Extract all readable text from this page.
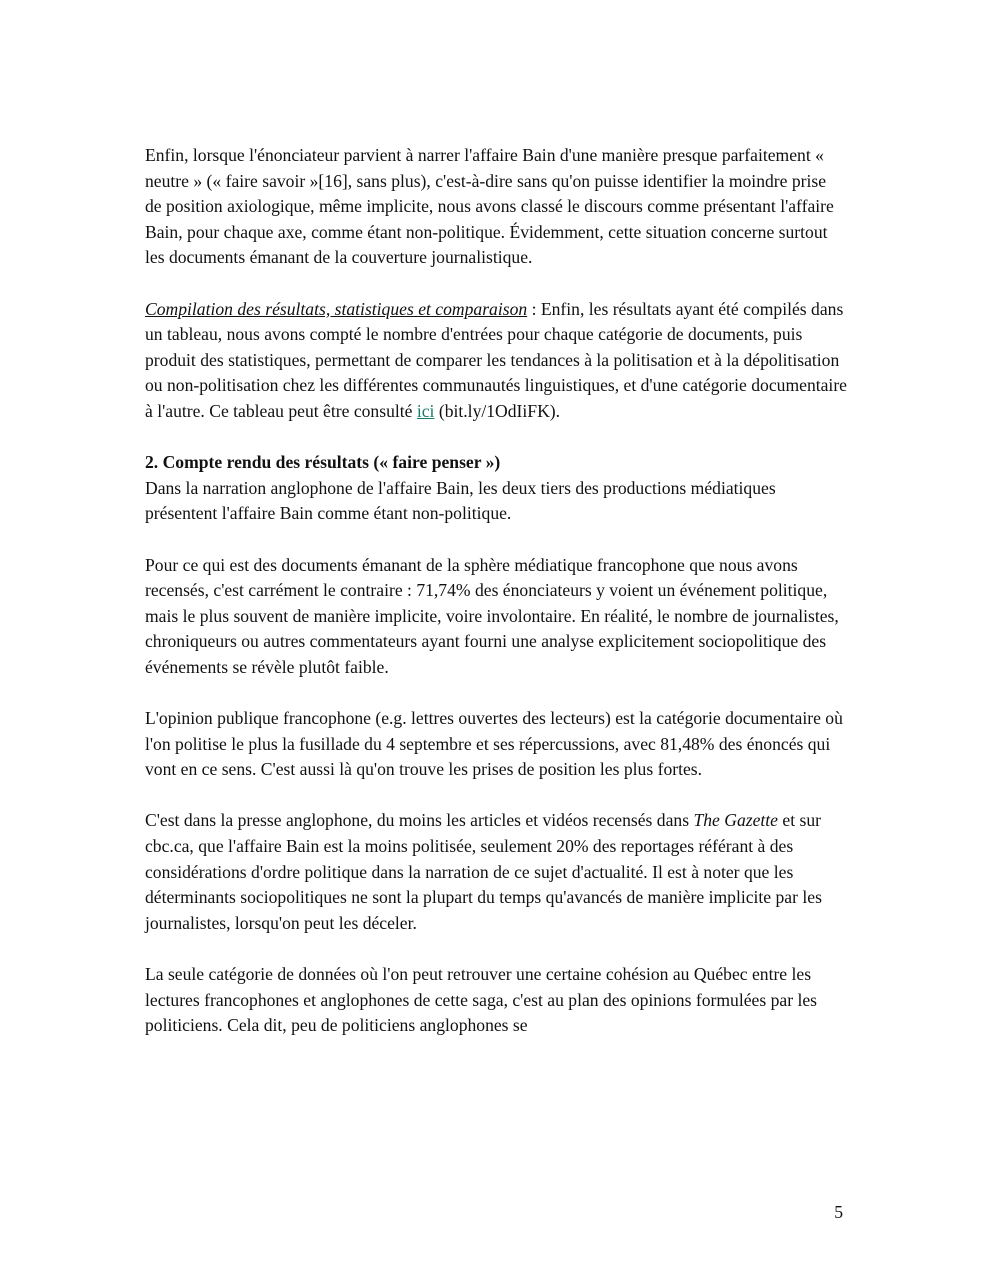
Enfin, lorsque l'énonciateur parvient à narrer l'affaire Bain d'une manière presque parfaitement « neutre » (« faire savoir »[16], sans plus), c'est-à-dire sans qu'on puisse identifier la moindre prise de position axiologique, même implicite, nous avons classé le discours comme présentant l'affaire Bain, pour chaque axe, comme étant non-politique. Évidemment, cette situation concerne surtout les documents émanant de la couverture journalistique.

Compilation des résultats, statistiques et comparaison : Enfin, les résultats ayant été compilés dans un tableau, nous avons compté le nombre d'entrées pour chaque catégorie de documents, puis produit des statistiques, permettant de comparer les tendances à la politisation et à la dépolitisation ou non-politisation chez les différentes communautés linguistiques, et d'une catégorie documentaire à l'autre. Ce tableau peut être consulté ici (bit.ly/1OdIiFK).

2. Compte rendu des résultats (« faire penser »)

Dans la narration anglophone de l'affaire Bain, les deux tiers des productions médiatiques présentent l'affaire Bain comme étant non-politique.

Pour ce qui est des documents émanant de la sphère médiatique francophone que nous avons recensés, c'est carrément le contraire : 71,74% des énonciateurs y voient un événement politique, mais le plus souvent de manière implicite, voire involontaire. En réalité, le nombre de journalistes, chroniqueurs ou autres commentateurs ayant fourni une analyse explicitement sociopolitique des événements se révèle plutôt faible.

L'opinion publique francophone (e.g. lettres ouvertes des lecteurs) est la catégorie documentaire où l'on politise le plus la fusillade du 4 septembre et ses répercussions, avec 81,48% des énoncés qui vont en ce sens. C'est aussi là qu'on trouve les prises de position les plus fortes.

C'est dans la presse anglophone, du moins les articles et vidéos recensés dans The Gazette et sur cbc.ca, que l'affaire Bain est la moins politisée, seulement 20% des reportages référant à des considérations d'ordre politique dans la narration de ce sujet d'actualité. Il est à noter que les déterminants sociopolitiques ne sont la plupart du temps qu'avancés de manière implicite par les journalistes, lorsqu'on peut les déceler.

La seule catégorie de données où l'on peut retrouver une certaine cohésion au Québec entre les lectures francophones et anglophones de cette saga, c'est au plan des opinions formulées par les politiciens. Cela dit, peu de politiciens anglophones se

5
